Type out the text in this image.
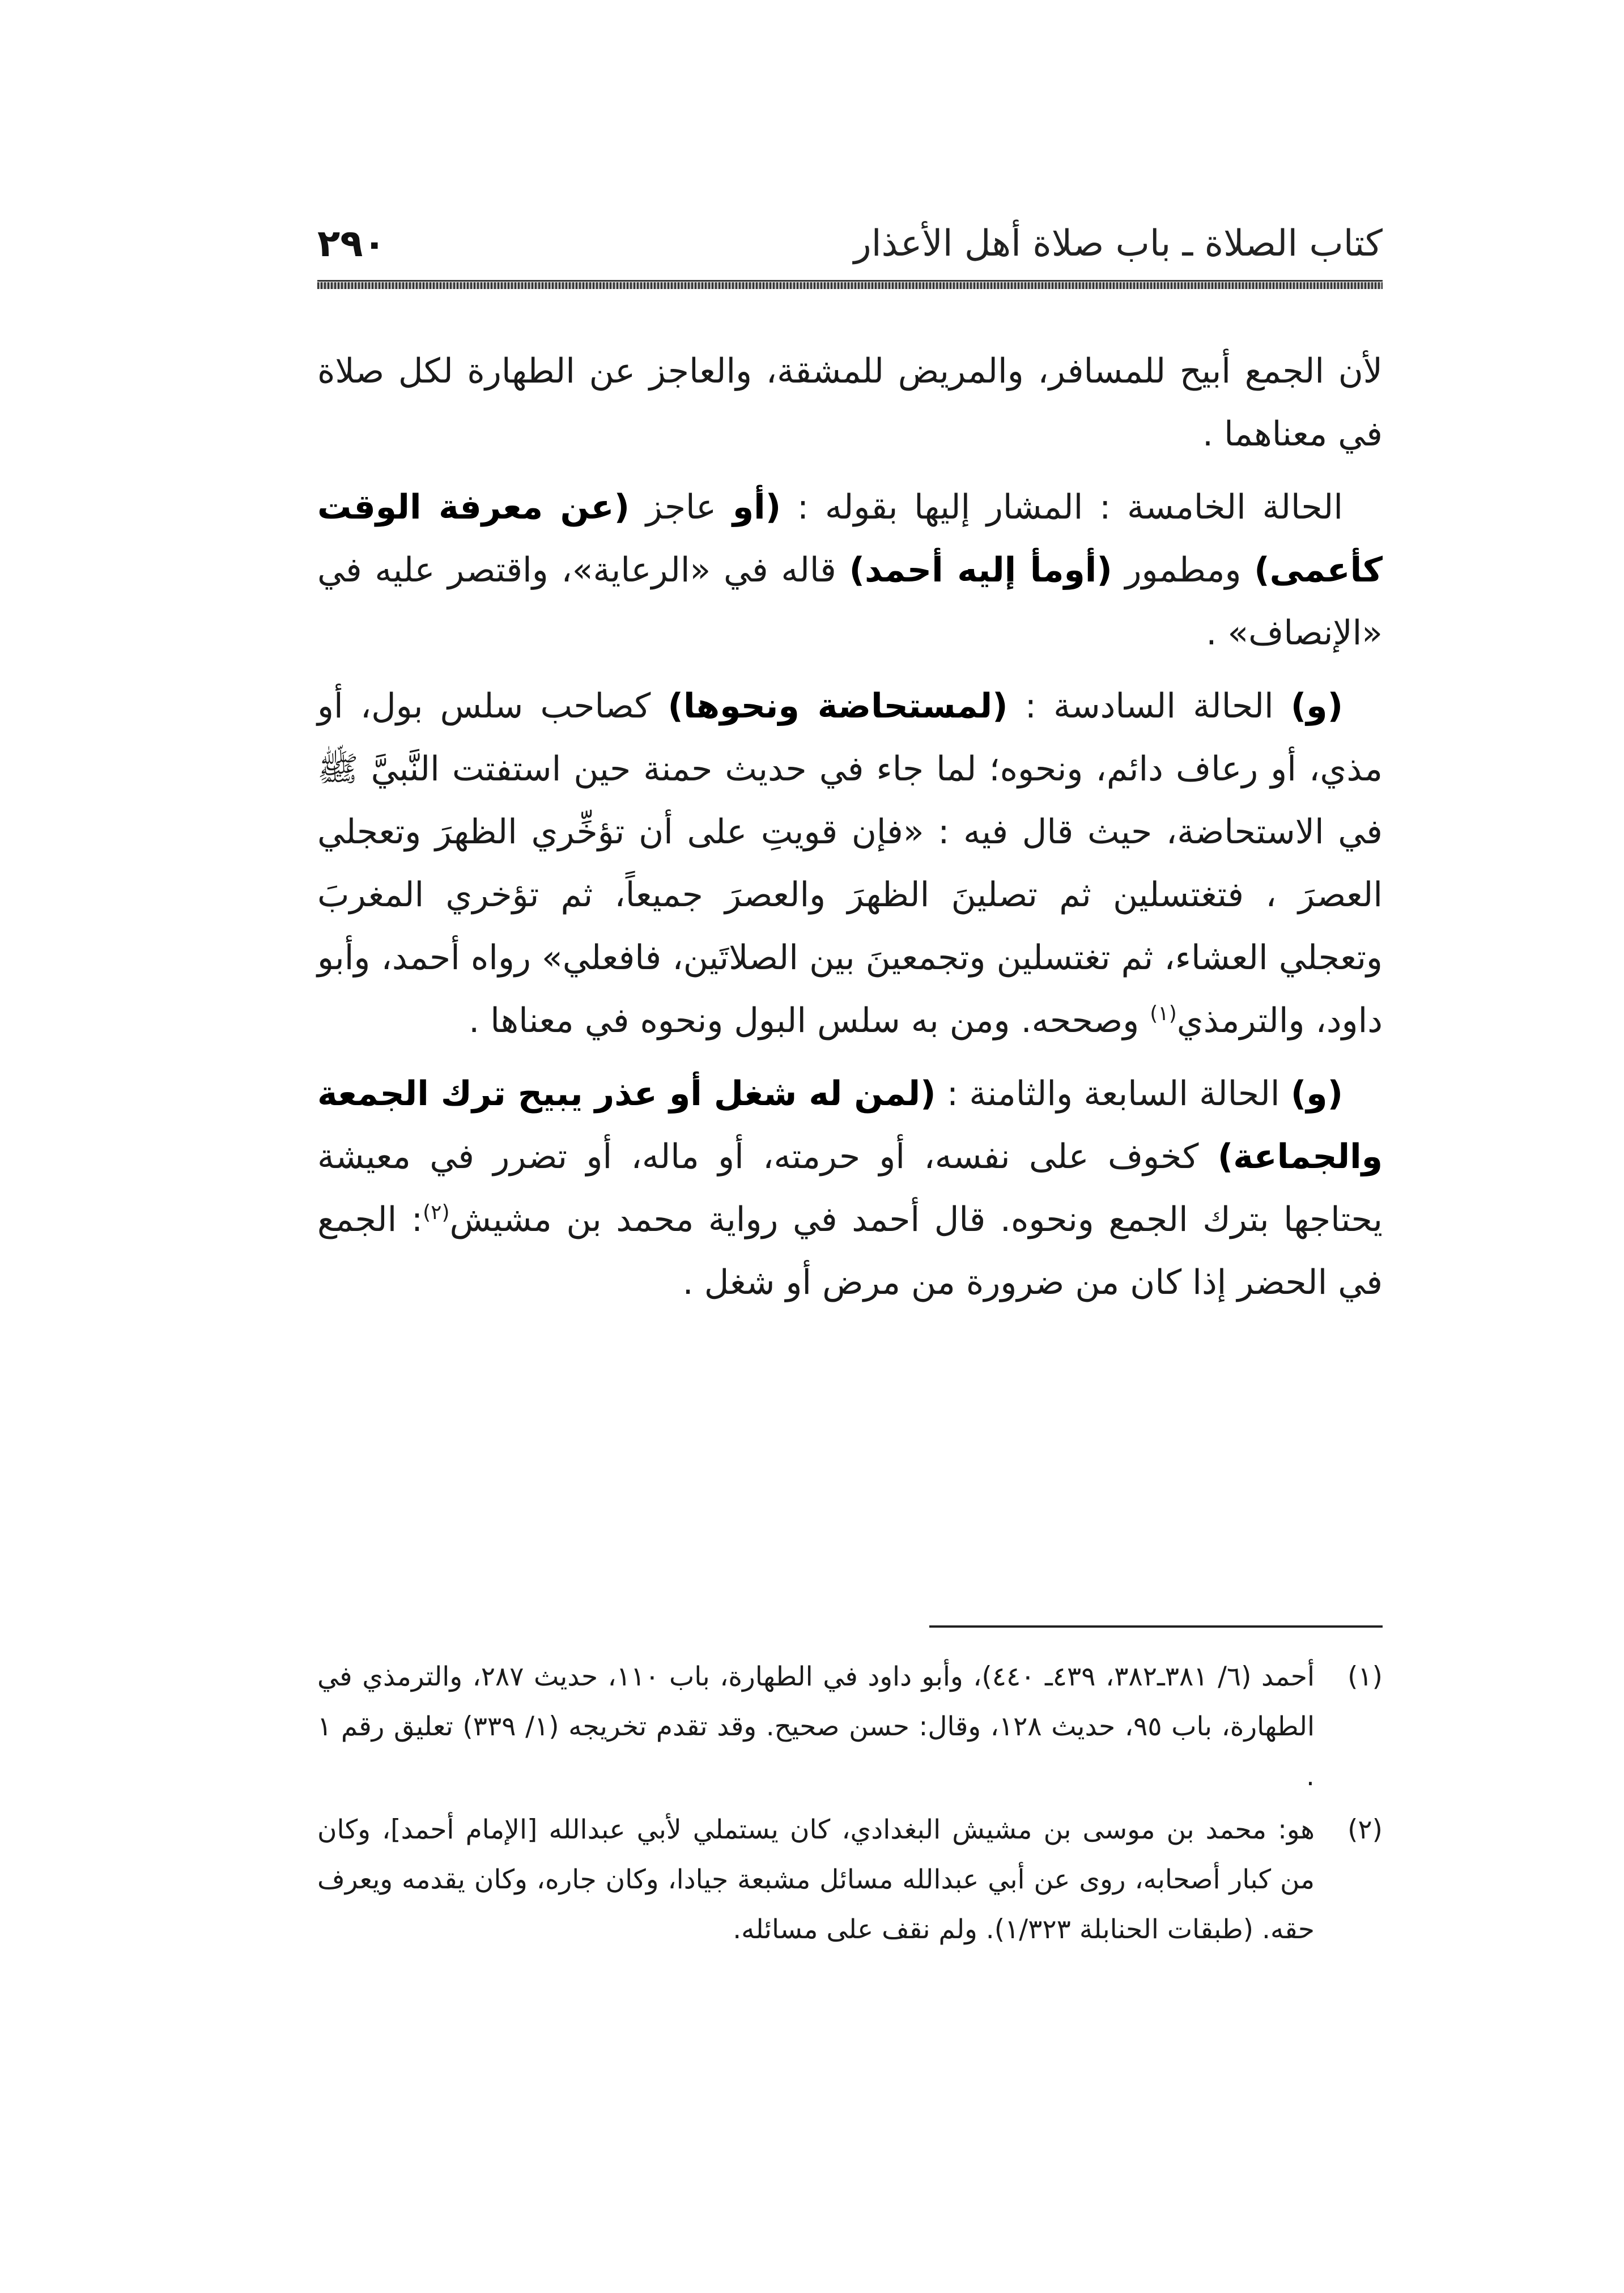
كتاب الصلاة ـ باب صلاة أهل الأعذار
٢٩٠

لأن الجمع أبيح للمسافر، والمريض للمشقة، والعاجز عن الطهارة لكل صلاة في معناهما .

الحالة الخامسة : المشار إليها بقوله : (أو عاجز (عن معرفة الوقت كأعمى) ومطمور (أومأ إليه أحمد) قاله في «الرعاية»، واقتصر عليه في «الإنصاف» .

(و) الحالة السادسة : (لمستحاضة ونحوها) كصاحب سلس بول، أو مذي، أو رعاف دائم، ونحوه؛ لما جاء في حديث حمنة حين استفتت النَّبيَّ ﷺ في الاستحاضة، حيث قال فيه : «فإن قويتِ على أن تؤخِّري الظهرَ وتعجلي العصرَ ، فتغتسلين ثم تصلينَ الظهرَ والعصرَ جميعاً، ثم تؤخري المغربَ وتعجلي العشاء، ثم تغتسلين وتجمعينَ بين الصلاتَين، فافعلي» رواه أحمد، وأبو داود، والترمذي$^{(١)}$ وصححه. ومن به سلس البول ونحوه في معناها .

(و) الحالة السابعة والثامنة : (لمن له شغل أو عذر يبيح ترك الجمعة والجماعة) كخوف على نفسه، أو حرمته، أو ماله، أو تضرر في معيشة يحتاجها بترك الجمع ونحوه. قال أحمد في رواية محمد بن مشيش$^{(٢)}$: الجمع في الحضر إذا كان من ضرورة من مرض أو شغل .

(١)
أحمد (٦/ ٣٨١ـ٣٨٢، ٤٣٩ـ ٤٤٠)، وأبو داود في الطهارة، باب ١١٠، حديث ٢٨٧، والترمذي في الطهارة، باب ٩٥، حديث ١٢٨، وقال: حسن صحيح. وقد تقدم تخريجه (١/ ٣٣٩) تعليق رقم ١ .
(٢)
هو: محمد بن موسى بن مشيش البغدادي، كان يستملي لأبي عبدالله [الإمام أحمد]، وكان من كبار أصحابه، روى عن أبي عبدالله مسائل مشبعة جيادا، وكان جاره، وكان يقدمه ويعرف حقه. (طبقات الحنابلة ١/٣٢٣). ولم نقف على مسائله.
